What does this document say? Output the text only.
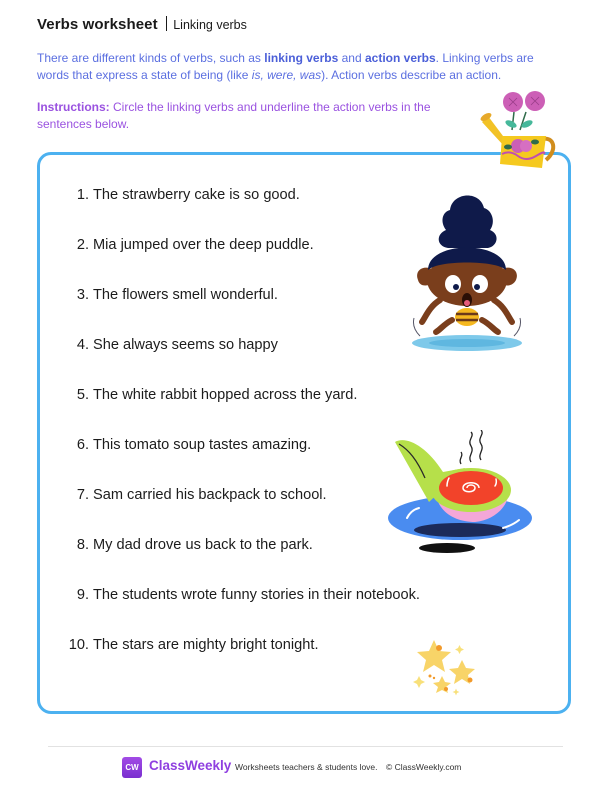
Verbs worksheet Linking verbs
There are different kinds of verbs, such as linking verbs and action verbs. Linking verbs are words that express a state of being (like is, were, was). Action verbs describe an action.
Instructions: Circle the linking verbs and underline the action verbs in the sentences below.
1. The strawberry cake is so good.
2. Mia jumped over the deep puddle.
3. The flowers smell wonderful.
4. She always seems so happy
5. The white rabbit hopped across the yard.
6. This tomato soup tastes amazing.
7. Sam carried his backpack to school.
8. My dad drove us back to the park.
9. The students wrote funny stories in their notebook.
10. The stars are mighty bright tonight.
CW ClassWeekly Worksheets teachers & students love. © ClassWeekly.com
